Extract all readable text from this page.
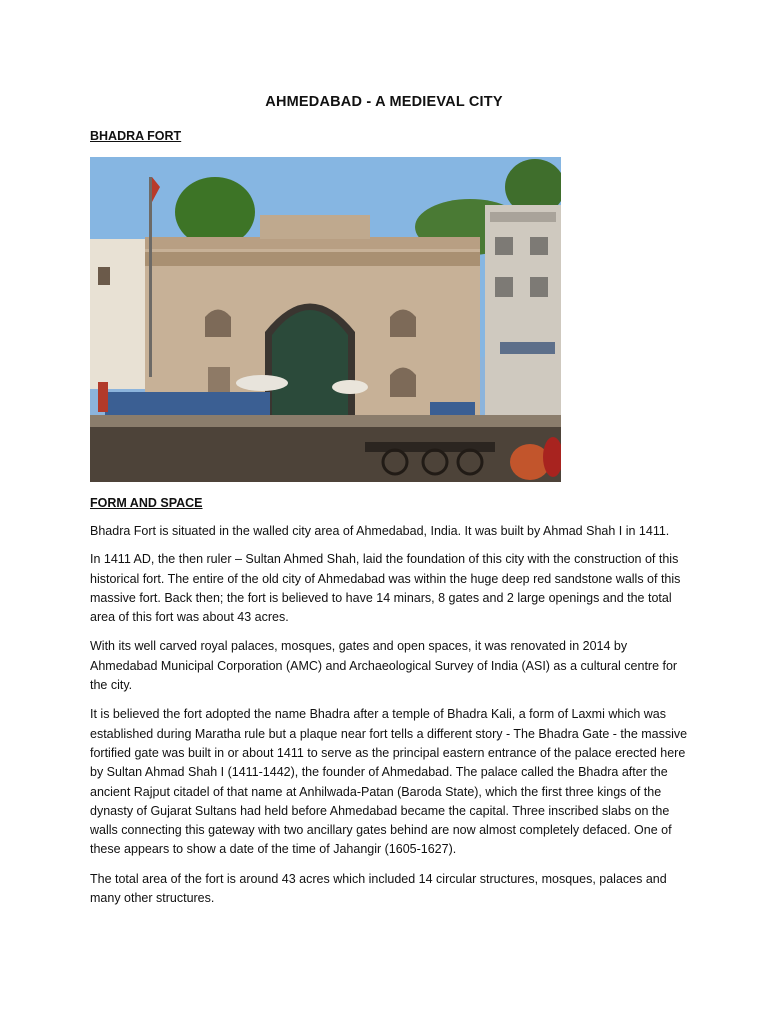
AHMEDABAD - A MEDIEVAL CITY
BHADRA FORT
FORM AND SPACE

Bhadra Fort is situated in the walled city area of Ahmedabad, India. It was built by Ahmad Shah I in 1411.

In 1411 AD, the then ruler – Sultan Ahmed Shah, laid the foundation of this city with the construction of this historical fort. The entire of the old city of Ahmedabad was within the huge deep red sandstone walls of this massive fort. Back then; the fort is believed to have 14 minars, 8 gates and 2 large openings and the total area of this fort was about 43 acres.

With its well carved royal palaces, mosques, gates and open spaces, it was renovated in 2014 by Ahmedabad Municipal Corporation (AMC) and Archaeological Survey of India (ASI) as a cultural centre for the city.

It is believed the fort adopted the name Bhadra after a temple of Bhadra Kali, a form of Laxmi which was established during Maratha rule but a plaque near fort tells a different story - The Bhadra Gate - the massive fortified gate was built in or about 1411 to serve as the principal eastern entrance of the palace erected here by Sultan Ahmad Shah I (1411-1442), the founder of Ahmedabad. The palace called the Bhadra after the ancient Rajput citadel of that name at Anhilwada-Patan (Baroda State), which the first three kings of the dynasty of Gujarat Sultans had held before Ahmedabad became the capital. Three inscribed slabs on the walls connecting this gateway with two ancillary gates behind are now almost completely defaced. One of these appears to show a date of the time of Jahangir (1605-1627).

The total area of the fort is around 43 acres which included 14 circular structures, mosques, palaces and many other structures.
